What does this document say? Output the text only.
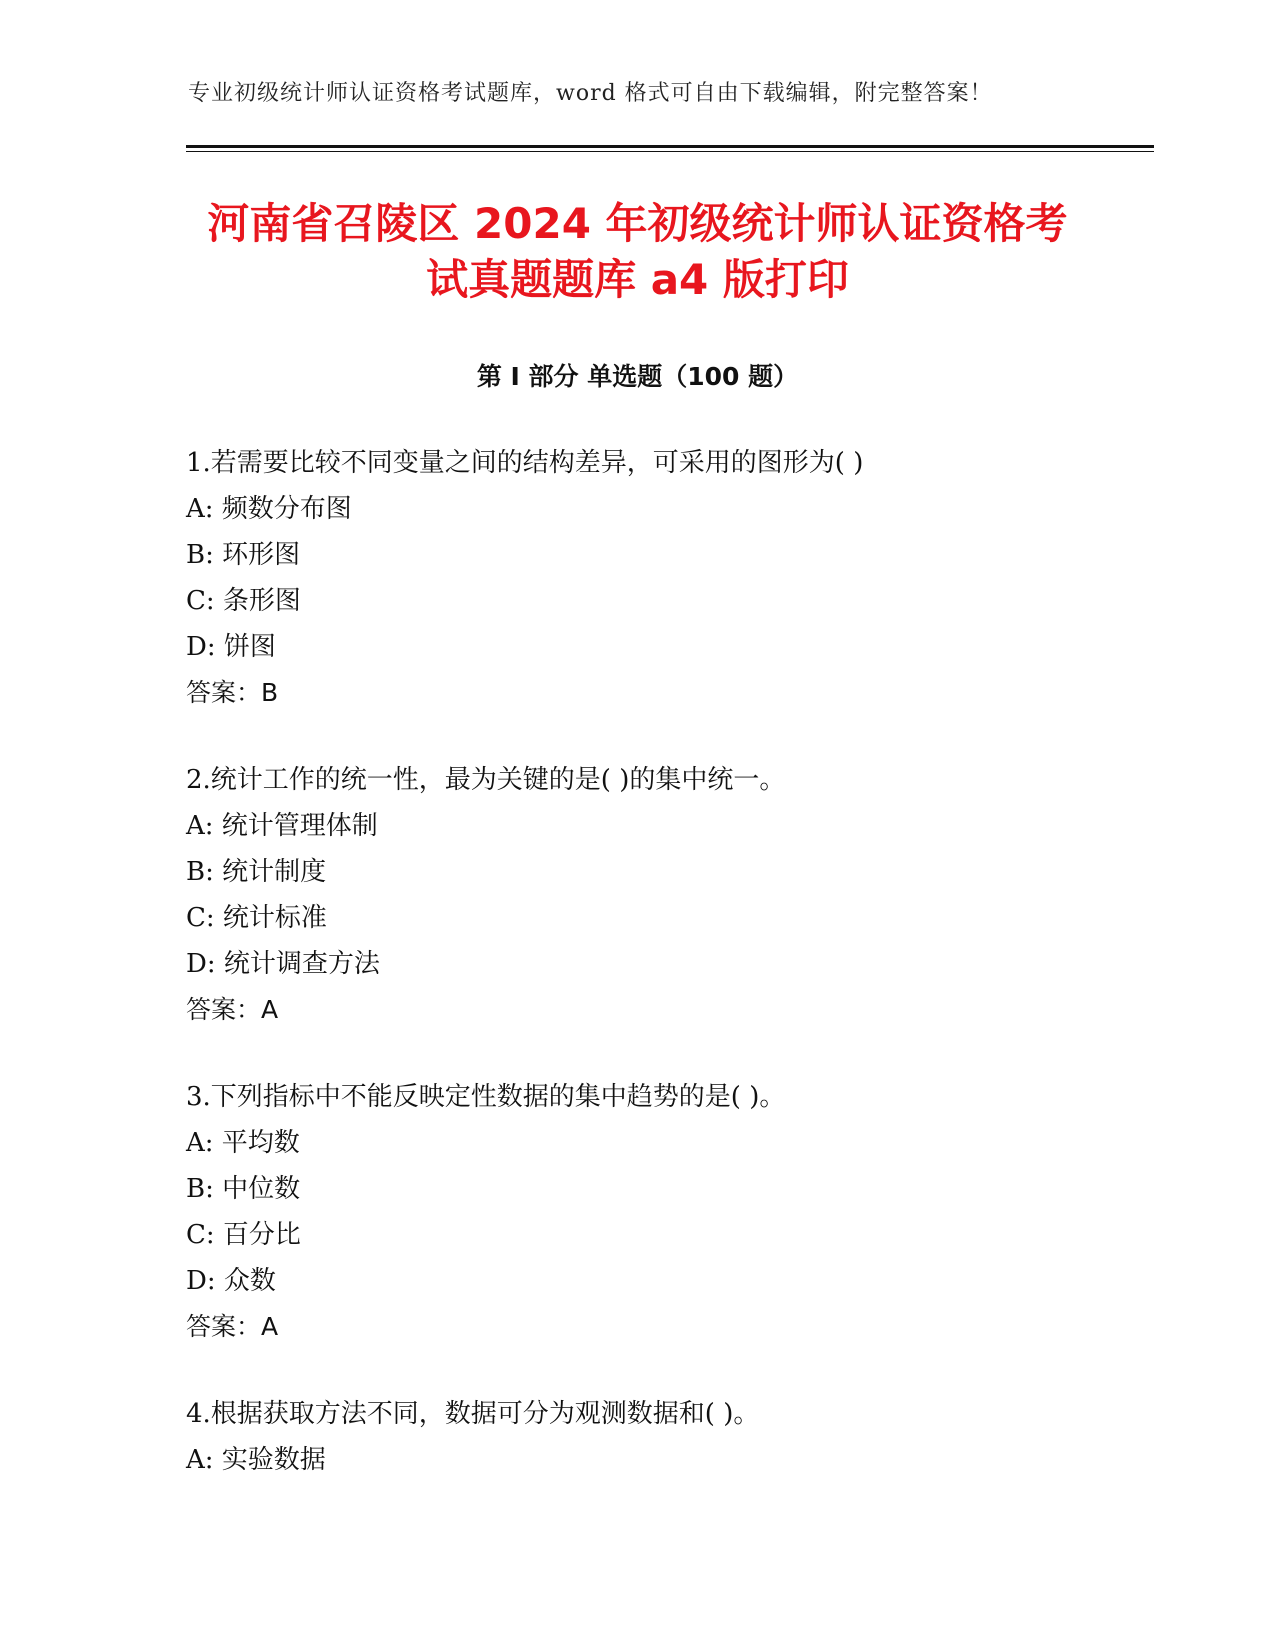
专业初级统计师认证资格考试题库，word 格式可自由下载编辑，附完整答案！
河南省召陵区 2024 年初级统计师认证资格考
试真题题库 a4 版打印
第 I 部分 单选题（100 题）
1.若需要比较不同变量之间的结构差异，可采用的图形为( )
A: 频数分布图
B: 环形图
C: 条形图
D: 饼图
答案：B
2.统计工作的统一性，最为关键的是( )的集中统一。
A: 统计管理体制
B: 统计制度
C: 统计标准
D: 统计调查方法
答案：A
3.下列指标中不能反映定性数据的集中趋势的是( )。
A: 平均数
B: 中位数
C: 百分比
D: 众数
答案：A
4.根据获取方法不同，数据可分为观测数据和( )。
A: 实验数据
